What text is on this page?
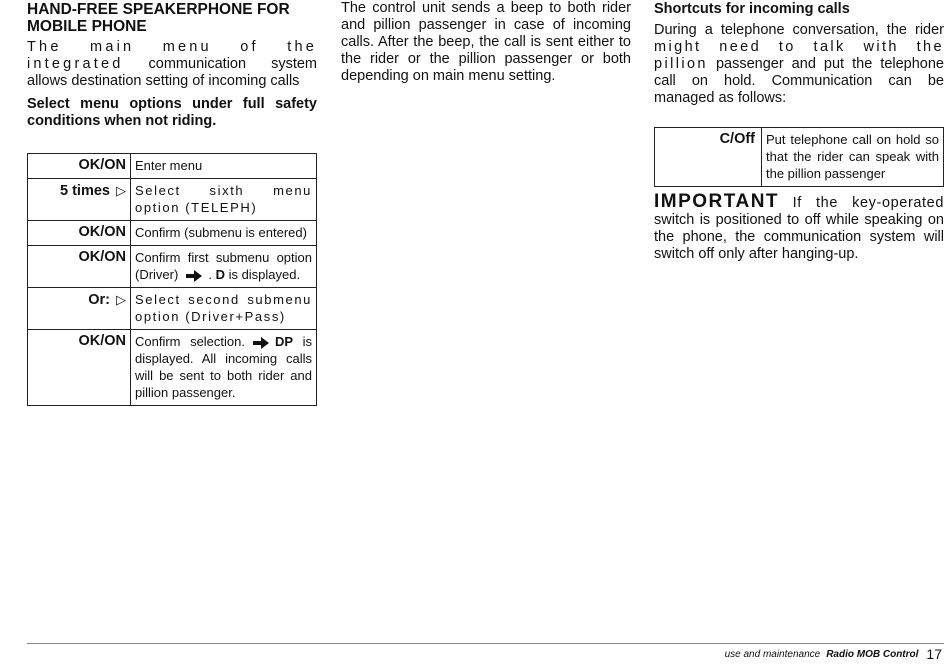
HAND-FREE SPEAKERPHONE FOR MOBILE PHONE

The main menu of the integrated communication system allows destination setting of incoming calls

Select menu options under full safety conditions when not riding.

OK/ON	Enter menu
5 times ▷	Select sixth menu option (TELEPH)
OK/ON	Confirm (submenu is entered)
OK/ON	Confirm first submenu option (Driver) . D is displayed.
Or: ▷	Select second submenu option (Driver+Pass)
OK/ON	Confirm selection. DP is displayed. All incoming calls will be sent to both rider and pillion passenger.

The control unit sends a beep to both rider and pillion passenger in case of incoming calls. After the beep, the call is sent either to the rider or the pillion passenger or both depending on main menu setting.

Shortcuts for incoming calls

During a telephone conversation, the rider might need to talk with the pillion passenger and put the telephone call on hold. Communication can be managed as follows:

C/Off	Put telephone call on hold so that the rider can speak with the pillion passenger

IMPORTANT If the key-operated switch is positioned to off while speaking on the phone, the communication system will switch off only after hanging-up.

use and maintenance Radio MOB Control 17
